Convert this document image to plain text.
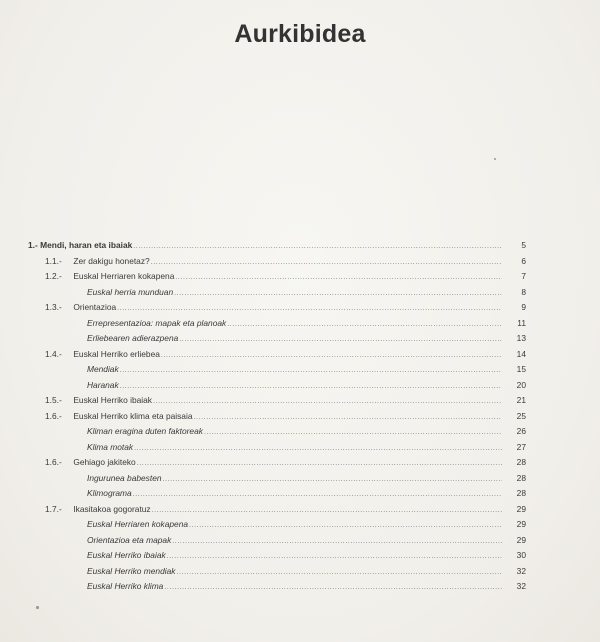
Aurkibidea
1.- Mendi, haran eta ibaiak .....	5
1.1.- Zer dakigu honetaz? .....	6
1.2.- Euskal Herriaren kokapena .....	7
Euskal herria munduan .....	8
1.3.- Orientazioa .....	9
Errepresentazioa: mapak eta planoak .....	11
Erliebearen adierazpena .....	13
1.4.- Euskal Herriko erliebea .....	14
Mendiak .....	15
Haranak .....	20
1.5.- Euskal Herriko ibaiak .....	21
1.6.- Euskal Herriko klima eta paisaia .....	25
Kliman eragina duten faktoreak .....	26
Klima motak .....	27
1.6.- Gehiago jakiteko .....	28
Ingurunea babesten .....	28
Klimograma .....	28
1.7.- Ikasitakoa gogoratuz .....	29
Euskal Herriaren kokapena .....	29
Orientazioa eta mapak .....	29
Euskal Herriko ibaiak .....	30
Euskal Herriko mendiak .....	32
Euskal Herriko klima .....	32
